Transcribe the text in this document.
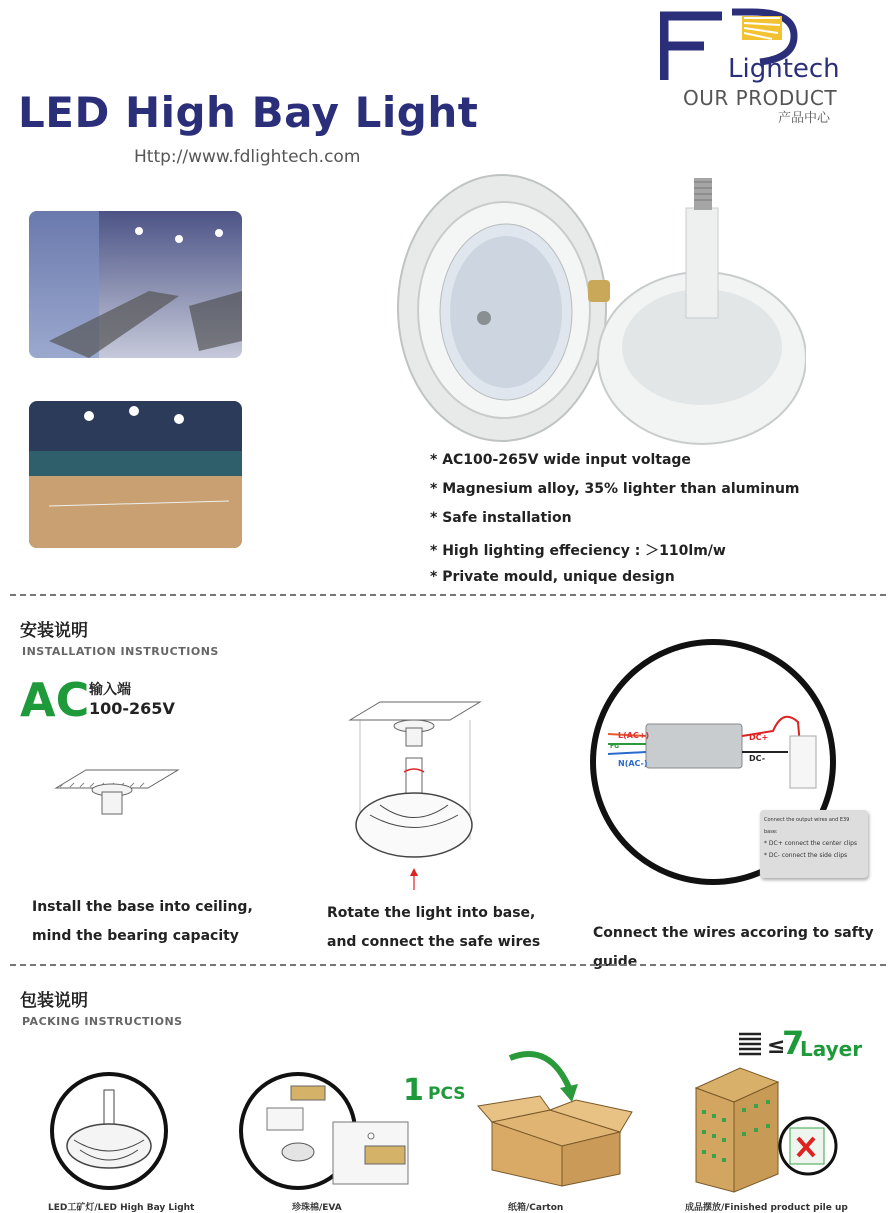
LED High Bay Light
Http://www.fdlightech.com
Lightech
OUR PRODUCT
产品中心
* AC100-265V wide input voltage
* Magnesium alloy, 35% lighter than aluminum
* Safe installation
* High lighting effeciency : ＞110lm/w
* Private mould, unique design
安装说明
INSTALLATION INSTRUCTIONS
AC 输入端
100-265V
Install the base into ceiling,
mind the bearing capacity
Rotate the light into base,
and connect the safe wires
L(AC+)
FG
N(AC-)
DC+
DC-
Connect the output wires and E39 base:
* DC+ connect the center clips
* DC- connect the side clips
Connect the wires accoring to safty guide
包装说明
PACKING INSTRUCTIONS
1 PCS
≤
7
Layer
LED工矿灯/LED High Bay Light	珍珠棉/EVA	纸箱/Carton	成品摆放/Finished product pile up
